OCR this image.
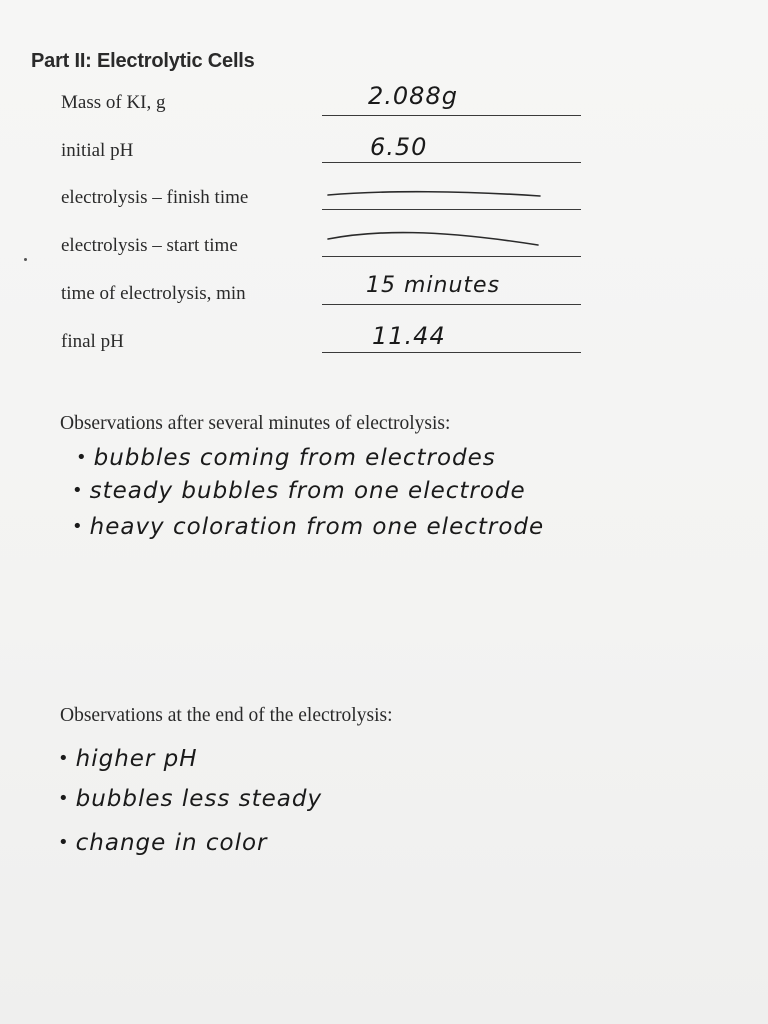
Part II: Electrolytic Cells
Mass of KI, g	2.088g
initial pH	6.50
electrolysis – finish time
electrolysis – start time
time of electrolysis, min	15 minutes
final pH	11.44
Observations after several minutes of electrolysis:
• bubbles coming from electrodes
• steady bubbles from one electrode
• heavy coloration from one electrode
Observations at the end of the electrolysis:
• higher pH
• bubbles less steady
• change in color
